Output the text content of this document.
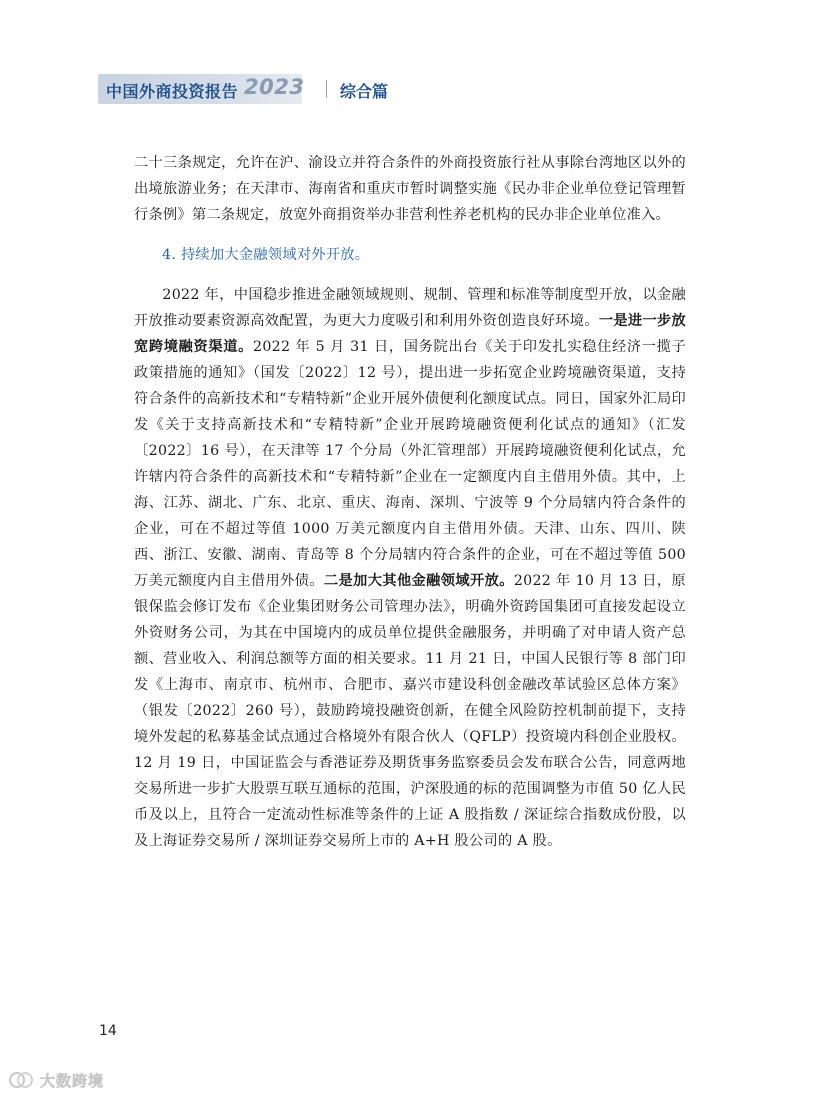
中国外商投资报告 2023 综合篇

二十三条规定，允许在沪、渝设立并符合条件的外商投资旅行社从事除台湾地区以外的出境旅游业务；在天津市、海南省和重庆市暂时调整实施《民办非企业单位登记管理暂行条例》第二条规定，放宽外商捐资举办非营利性养老机构的民办非企业单位准入。

4. 持续加大金融领域对外开放。

2022 年，中国稳步推进金融领域规则、规制、管理和标准等制度型开放，以金融开放推动要素资源高效配置，为更大力度吸引和利用外资创造良好环境。一是进一步放宽跨境融资渠道。2022 年 5 月 31 日，国务院出台《关于印发扎实稳住经济一揽子政策措施的通知》（国发〔2022〕12 号），提出进一步拓宽企业跨境融资渠道，支持符合条件的高新技术和“专精特新”企业开展外债便利化额度试点。同日，国家外汇局印发《关于支持高新技术和“专精特新”企业开展跨境融资便利化试点的通知》（汇发〔2022〕16 号），在天津等 17 个分局（外汇管理部）开展跨境融资便利化试点，允许辖内符合条件的高新技术和“专精特新”企业在一定额度内自主借用外债。其中，上海、江苏、湖北、广东、北京、重庆、海南、深圳、宁波等 9 个分局辖内符合条件的企业，可在不超过等值 1000 万美元额度内自主借用外债。天津、山东、四川、陕西、浙江、安徽、湖南、青岛等 8 个分局辖内符合条件的企业，可在不超过等值 500 万美元额度内自主借用外债。二是加大其他金融领域开放。2022 年 10 月 13 日，原银保监会修订发布《企业集团财务公司管理办法》，明确外资跨国集团可直接发起设立外资财务公司，为其在中国境内的成员单位提供金融服务，并明确了对申请人资产总额、营业收入、利润总额等方面的相关要求。11 月 21 日，中国人民银行等 8 部门印发《上海市、南京市、杭州市、合肥市、嘉兴市建设科创金融改革试验区总体方案》（银发〔2022〕260 号），鼓励跨境投融资创新，在健全风险防控机制前提下，支持境外发起的私募基金试点通过合格境外有限合伙人（QFLP）投资境内科创企业股权。12 月 19 日，中国证监会与香港证券及期货事务监察委员会发布联合公告，同意两地交易所进一步扩大股票互联互通标的范围，沪深股通的标的范围调整为市值 50 亿人民币及以上，且符合一定流动性标准等条件的上证 A 股指数 / 深证综合指数成份股，以及上海证券交易所 / 深圳证券交易所上市的 A+H 股公司的 A 股。

14
大数跨境
